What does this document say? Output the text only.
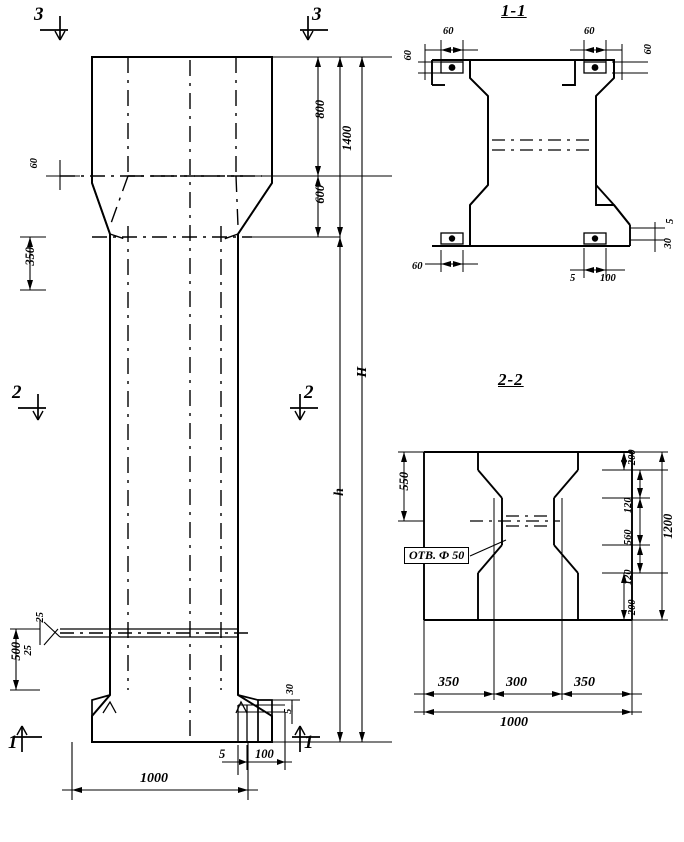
1-1
2-2
3	3
2	2
1	1
800
1400
600
H
h
350
60
500
25
25
1000
5 100
30
5
60
60
60
60
60
5 100
5
30
550
200
120
560
120
200
1200
350	300	350
1000
ОТВ. Ф 50
